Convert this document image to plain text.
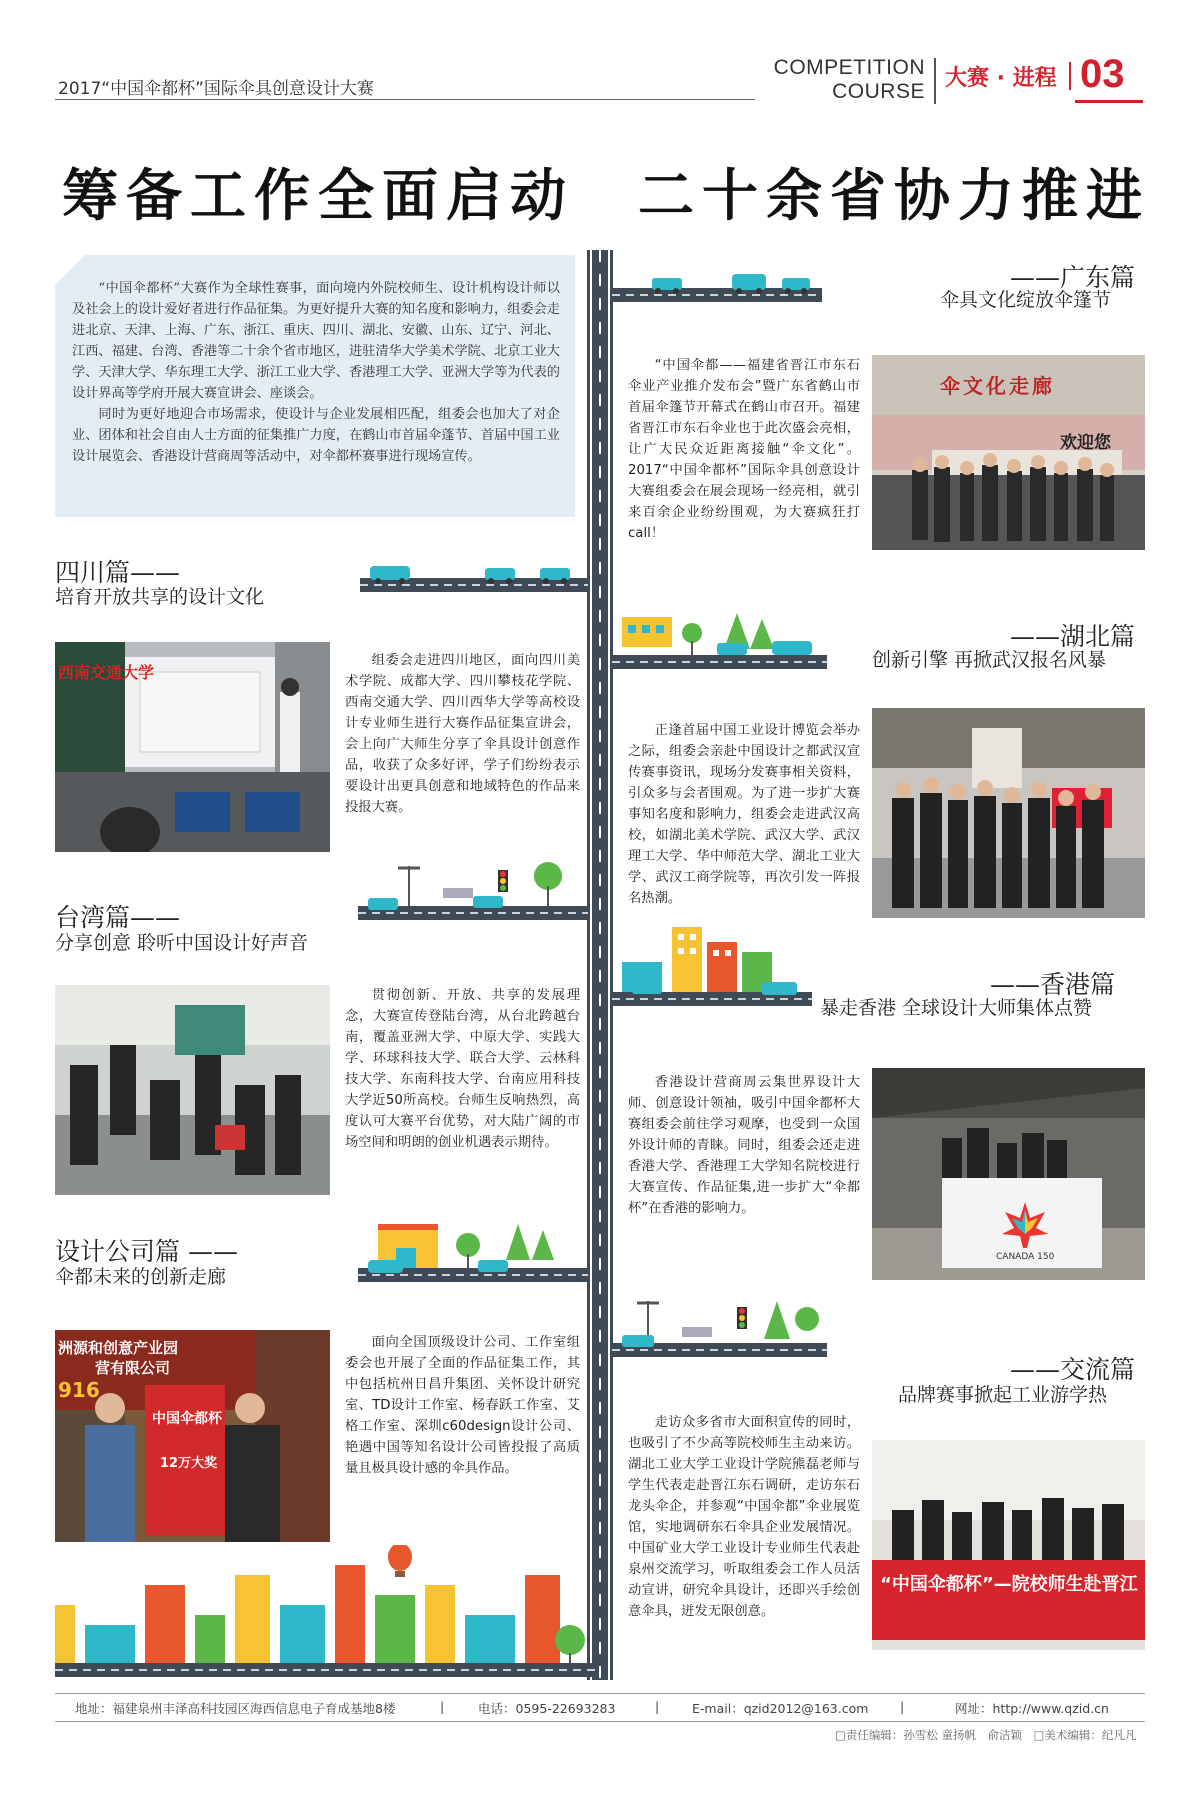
2017“中国伞都杯”国际伞具创意设计大赛
COMPETITION
COURSE
大赛 · 进程 03
筹备工作全面启动　二十余省协力推进

“中国伞都杯”大赛作为全球性赛事，面向境内外院校师生、设计机构设计师以及社会上的设计爱好者进行作品征集。为更好提升大赛的知名度和影响力，组委会走进北京、天津、上海、广东、浙江、重庆、四川、湖北、安徽、山东、辽宁、河北、江西、福建、台湾、香港等二十余个省市地区，进驻清华大学美术学院、北京工业大学、天津大学、华东理工大学、浙江工业大学、香港理工大学、亚洲大学等为代表的设计界高等学府开展大赛宣讲会、座谈会。

同时为更好地迎合市场需求，使设计与企业发展相匹配，组委会也加大了对企业、团体和社会自由人士方面的征集推广力度，在鹤山市首届伞蓬节、首届中国工业设计展览会、香港设计营商周等活动中，对伞都杯赛事进行现场宣传。

——广东篇
伞具文化绽放伞篷节

“中国伞都——福建省晋江市东石伞业产业推介发布会”暨广东省鹤山市首届伞篷节开幕式在鹤山市召开。福建省晋江市东石伞业也于此次盛会亮相，让广大民众近距离接触“伞文化”。2017“中国伞都杯”国际伞具创意设计大赛组委会在展会现场一经亮相，就引来百余企业纷纷围观，为大赛疯狂打call！

伞文化走廊
欢迎您
四川篇——
培育开放共享的设计文化
西南交通大学

组委会走进四川地区，面向四川美术学院、成都大学、四川攀枝花学院、西南交通大学、四川西华大学等高校设计专业师生进行大赛作品征集宣讲会，会上向广大师生分享了伞具设计创意作品，收获了众多好评，学子们纷纷表示要设计出更具创意和地域特色的作品来投报大赛。

——湖北篇
创新引擎 再掀武汉报名风暴

正逢首届中国工业设计博览会举办之际，组委会亲赴中国设计之都武汉宣传赛事资讯，现场分发赛事相关资料，引众多与会者围观。为了进一步扩大赛事知名度和影响力，组委会走进武汉高校，如湖北美术学院、武汉大学、武汉理工大学、华中师范大学、湖北工业大学、武汉工商学院等，再次引发一阵报名热潮。

台湾篇——
分享创意 聆听中国设计好声音

贯彻创新、开放、共享的发展理念，大赛宣传登陆台湾，从台北跨越台南，覆盖亚洲大学、中原大学、实践大学、环球科技大学、联合大学、云林科技大学、东南科技大学、台南应用科技大学近50所高校。台师生反响热烈，高度认可大赛平台优势，对大陆广阔的市场空间和明朗的创业机遇表示期待。

——香港篇
暴走香港 全球设计大师集体点赞

香港设计营商周云集世界设计大师、创意设计领袖，吸引中国伞都杯大赛组委会前往学习观摩，也受到一众国外设计师的青睐。同时，组委会还走进香港大学、香港理工大学知名院校进行大赛宣传、作品征集,进一步扩大“伞都杯”在香港的影响力。

CANADA 150
设计公司篇 ——
伞都未来的创新走廊
洲源和创意产业园
营有限公司
916
中国伞都杯
12万大奖

面向全国顶级设计公司、工作室组委会也开展了全面的作品征集工作，其中包括杭州日昌升集团、关怀设计研究室、TD设计工作室、杨春跃工作室、艾格工作室、深圳c60design设计公司、艳遇中国等知名设计公司皆投报了高质量且极具设计感的伞具作品。

——交流篇
品牌赛事掀起工业游学热

走访众多省市大面积宣传的同时，也吸引了不少高等院校师生主动来访。湖北工业大学工业设计学院熊磊老师与学生代表走赴晋江东石调研，走访东石龙头伞企，并参观“中国伞都”伞业展览馆，实地调研东石伞具企业发展情况。中国矿业大学工业设计专业师生代表赴泉州交流学习，听取组委会工作人员活动宣讲，研究伞具设计，还即兴手绘创意伞具，迸发无限创意。

“中国伞都杯”—院校师生赴晋江
地址：福建泉州丰泽高科技园区海西信息电子育成基地8楼	|	电话：0595-22693283	|	E-mail：qzid2012@163.com	|	网址：http://www.qzid.cn
□责任编辑：孙雪松 童扬帆　俞洁颖　□美术编辑：纪凡凡
